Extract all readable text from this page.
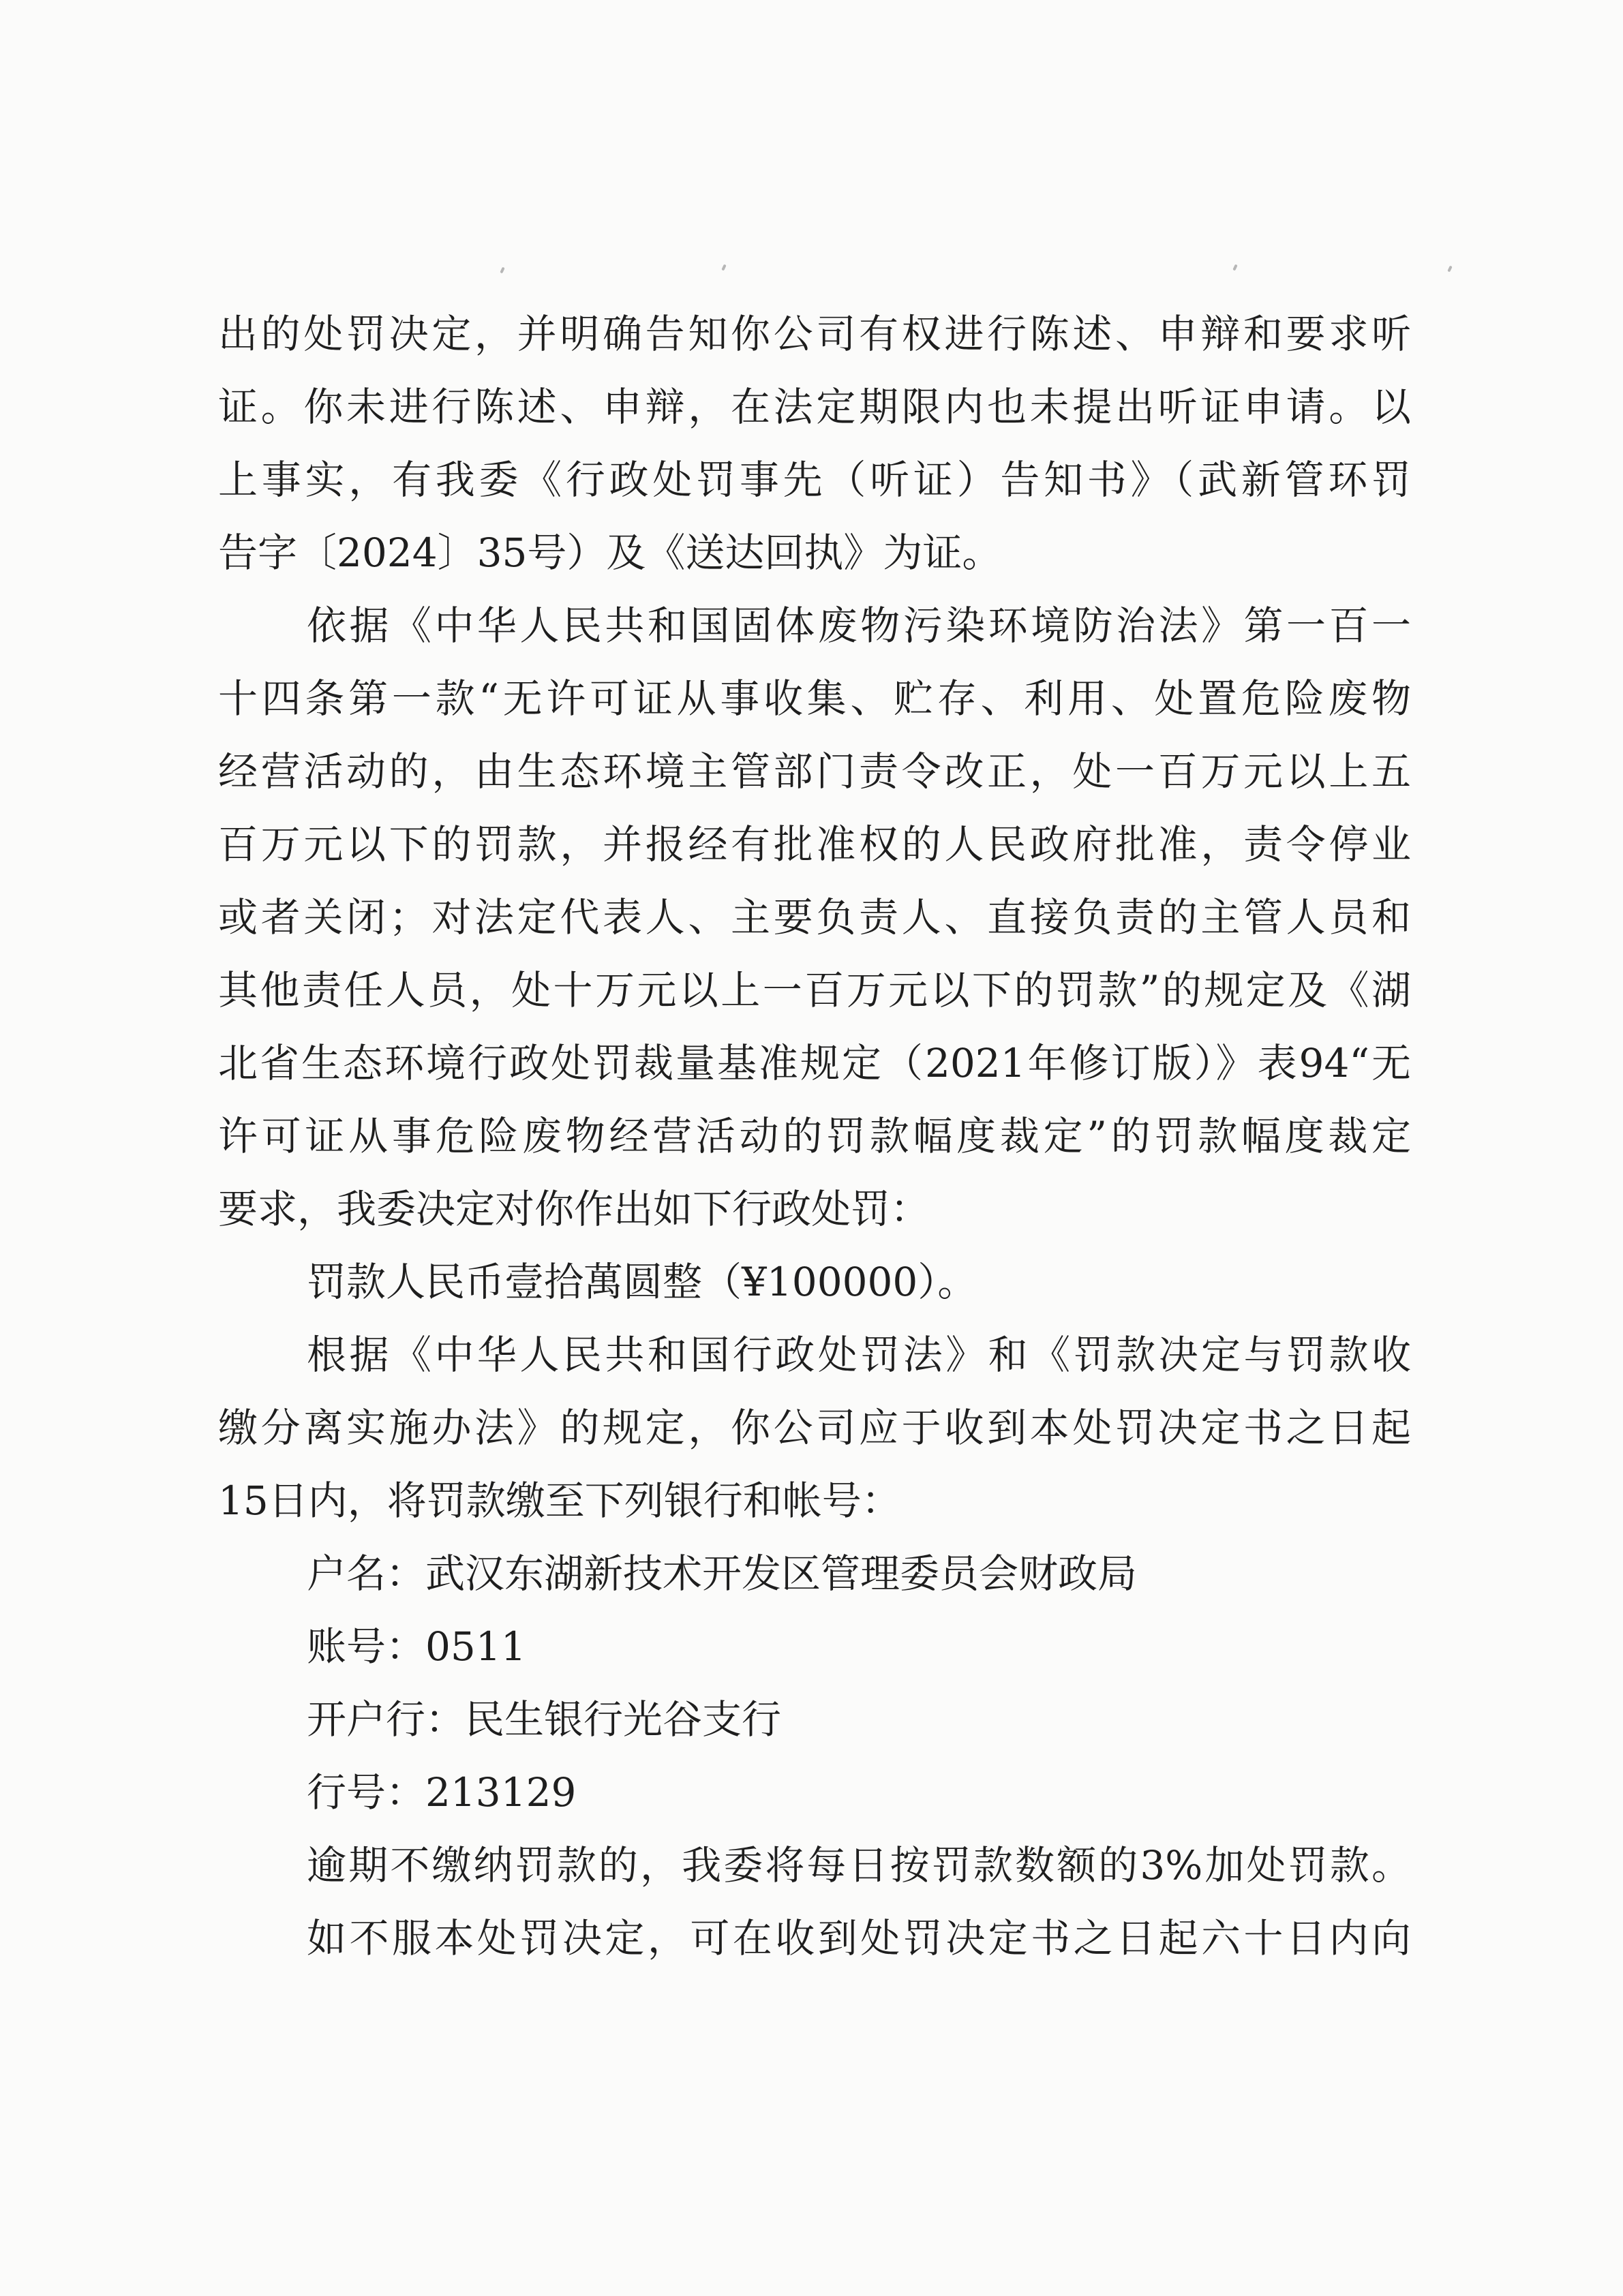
出的处罚决定，并明确告知你公司有权进行陈述、申辩和要求听
证。你未进行陈述、申辩，在法定期限内也未提出听证申请。以
上事实，有我委《行政处罚事先（听证）告知书》（武新管环罚
告字〔2024〕35号）及《送达回执》为证。
依据《中华人民共和国固体废物污染环境防治法》第一百一
十四条第一款“无许可证从事收集、贮存、利用、处置危险废物
经营活动的，由生态环境主管部门责令改正，处一百万元以上五
百万元以下的罚款，并报经有批准权的人民政府批准，责令停业
或者关闭；对法定代表人、主要负责人、直接负责的主管人员和
其他责任人员，处十万元以上一百万元以下的罚款”的规定及《湖
北省生态环境行政处罚裁量基准规定（2021年修订版）》表94“无
许可证从事危险废物经营活动的罚款幅度裁定”的罚款幅度裁定
要求，我委决定对你作出如下行政处罚：
罚款人民币壹拾萬圆整（¥100000）。
根据《中华人民共和国行政处罚法》和《罚款决定与罚款收
缴分离实施办法》的规定，你公司应于收到本处罚决定书之日起
15日内，将罚款缴至下列银行和帐号：
户名：武汉东湖新技术开发区管理委员会财政局
账号：0511
开户行：民生银行光谷支行
行号：213129
逾期不缴纳罚款的，我委将每日按罚款数额的3%加处罚款。
如不服本处罚决定，可在收到处罚决定书之日起六十日内向
